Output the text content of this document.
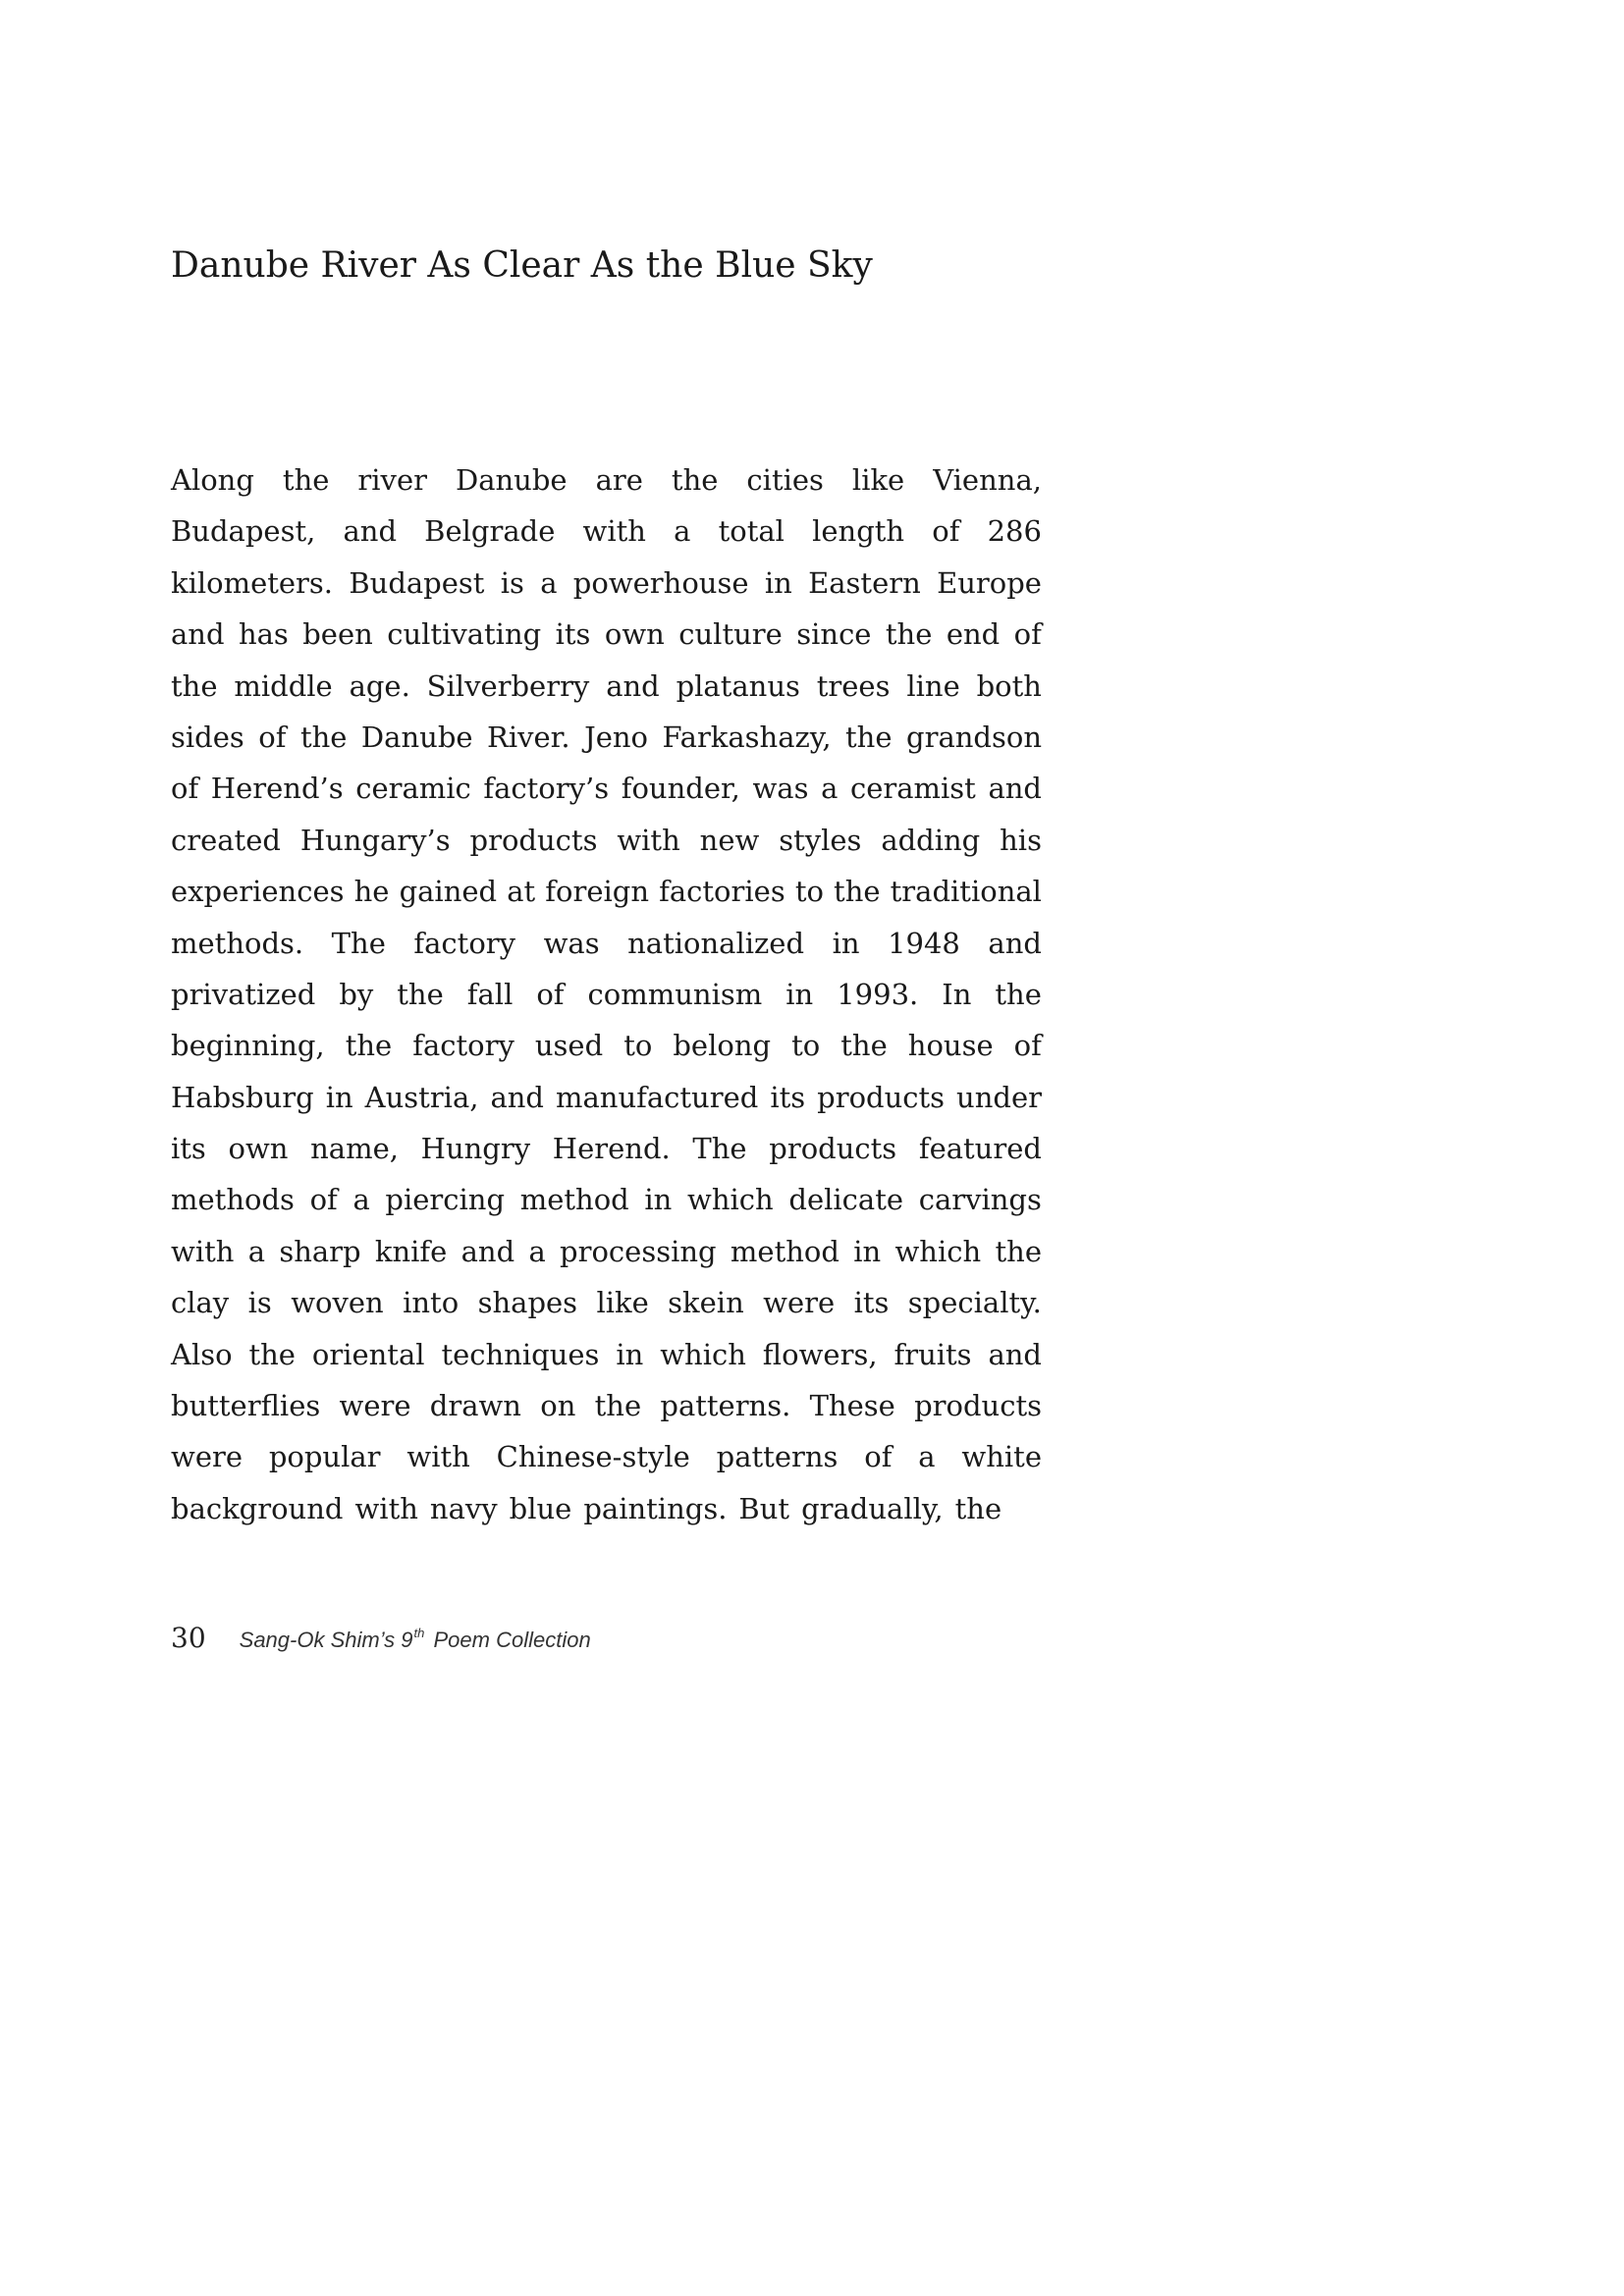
Danube River As Clear As the Blue Sky
Along the river Danube are the cities like Vienna,
Budapest, and Belgrade with a total length of 286
kilometers. Budapest is a powerhouse in Eastern Europe
and has been cultivating its own culture since the end of
the middle age. Silverberry and platanus trees line both
sides of the Danube River. Jeno Farkashazy, the grandson
of Herend’s ceramic factory’s founder, was a ceramist and
created Hungary’s products with new styles adding his
experiences he gained at foreign factories to the traditional
methods. The factory was nationalized in 1948 and
privatized by the fall of communism in 1993. In the
beginning, the factory used to belong to the house of
Habsburg in Austria, and manufactured its products under
its own name, Hungry Herend. The products featured
methods of a piercing method in which delicate carvings
with a sharp knife and a processing method in which the
clay is woven into shapes like skein were its specialty.
Also the oriental techniques in which flowers, fruits and
butterflies were drawn on the patterns. These products
were popular with Chinese-style patterns of a white
background with navy blue paintings. But gradually, the
30 Sang-Ok Shim’s 9th Poem Collection
